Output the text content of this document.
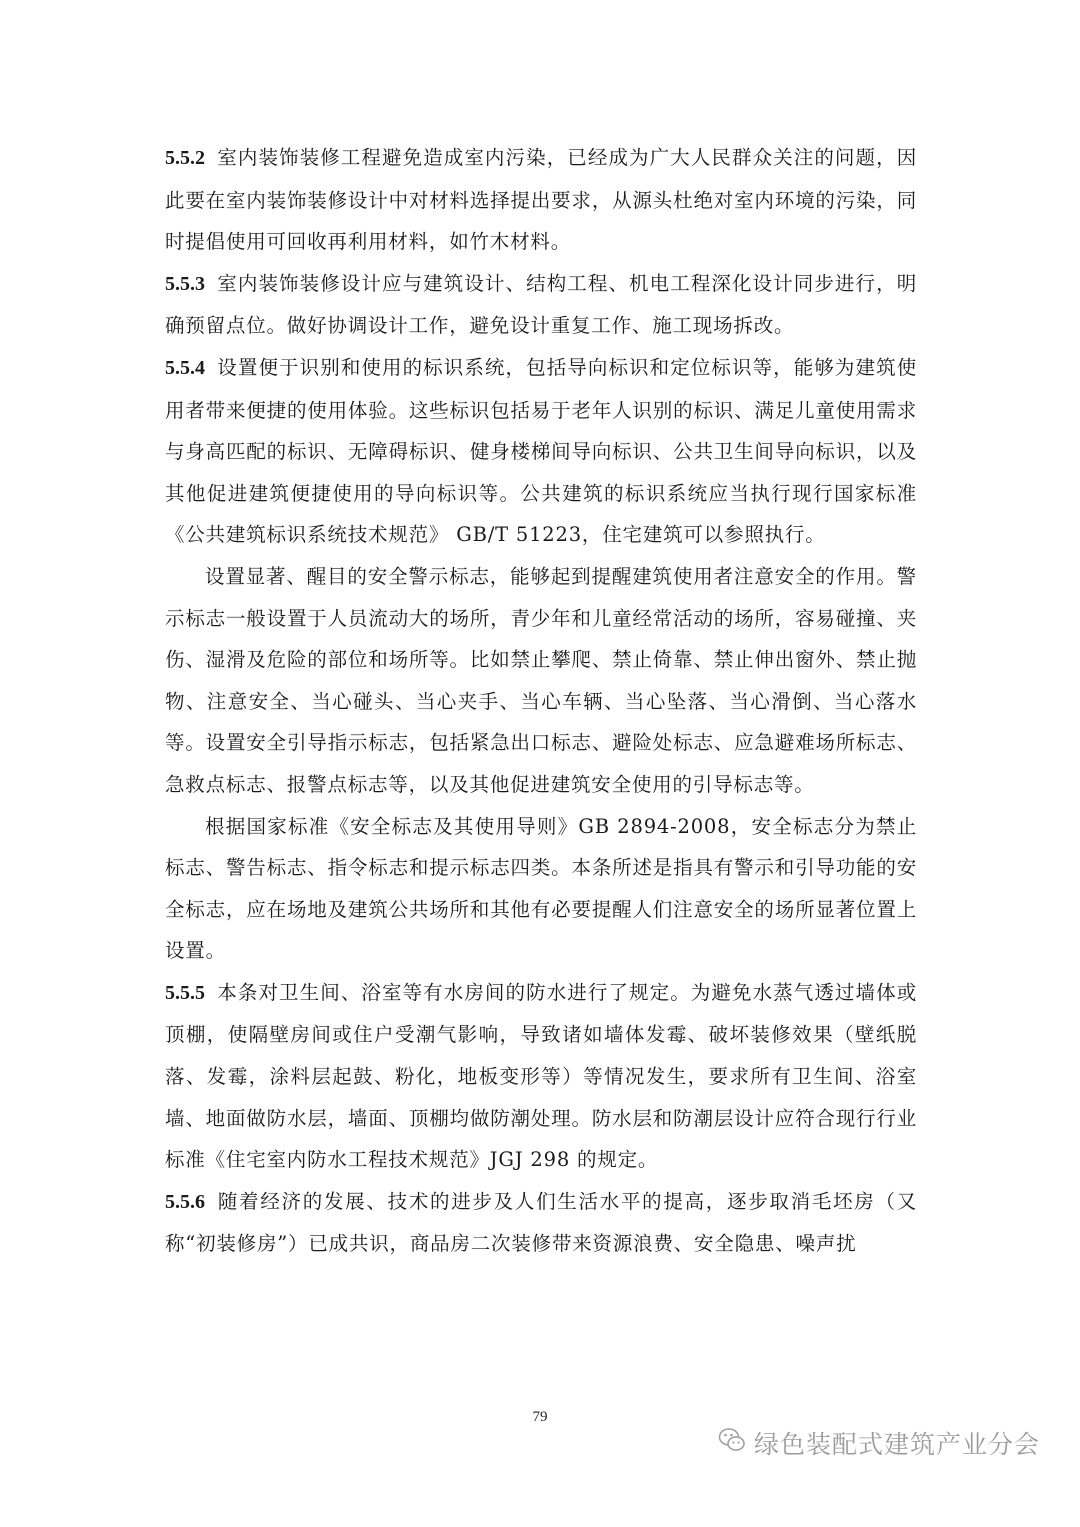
5.5.2 室内装饰装修工程避免造成室内污染，已经成为广大人民群众关注的问题，因此要在室内装饰装修设计中对材料选择提出要求，从源头杜绝对室内环境的污染，同时提倡使用可回收再利用材料，如竹木材料。

5.5.3 室内装饰装修设计应与建筑设计、结构工程、机电工程深化设计同步进行，明确预留点位。做好协调设计工作，避免设计重复工作、施工现场拆改。

5.5.4 设置便于识别和使用的标识系统，包括导向标识和定位标识等，能够为建筑使用者带来便捷的使用体验。这些标识包括易于老年人识别的标识、满足儿童使用需求与身高匹配的标识、无障碍标识、健身楼梯间导向标识、公共卫生间导向标识，以及其他促进建筑便捷使用的导向标识等。公共建筑的标识系统应当执行现行国家标准《公共建筑标识系统技术规范》 GB/T 51223，住宅建筑可以参照执行。

设置显著、醒目的安全警示标志，能够起到提醒建筑使用者注意安全的作用。警示标志一般设置于人员流动大的场所，青少年和儿童经常活动的场所，容易碰撞、夹伤、湿滑及危险的部位和场所等。比如禁止攀爬、禁止倚靠、禁止伸出窗外、禁止抛物、注意安全、当心碰头、当心夹手、当心车辆、当心坠落、当心滑倒、当心落水等。设置安全引导指示标志，包括紧急出口标志、避险处标志、应急避难场所标志、急救点标志、报警点标志等，以及其他促进建筑安全使用的引导标志等。

根据国家标准《安全标志及其使用导则》GB 2894-2008，安全标志分为禁止标志、警告标志、指令标志和提示标志四类。本条所述是指具有警示和引导功能的安全标志，应在场地及建筑公共场所和其他有必要提醒人们注意安全的场所显著位置上设置。

5.5.5 本条对卫生间、浴室等有水房间的防水进行了规定。为避免水蒸气透过墙体或顶棚，使隔壁房间或住户受潮气影响，导致诸如墙体发霉、破坏装修效果（壁纸脱落、发霉，涂料层起鼓、粉化，地板变形等）等情况发生，要求所有卫生间、浴室墙、地面做防水层，墙面、顶棚均做防潮处理。防水层和防潮层设计应符合现行行业标准《住宅室内防水工程技术规范》JGJ 298 的规定。

5.5.6 随着经济的发展、技术的进步及人们生活水平的提高，逐步取消毛坯房（又称“初装修房”）已成共识，商品房二次装修带来资源浪费、安全隐患、噪声扰

79
绿色装配式建筑产业分会
